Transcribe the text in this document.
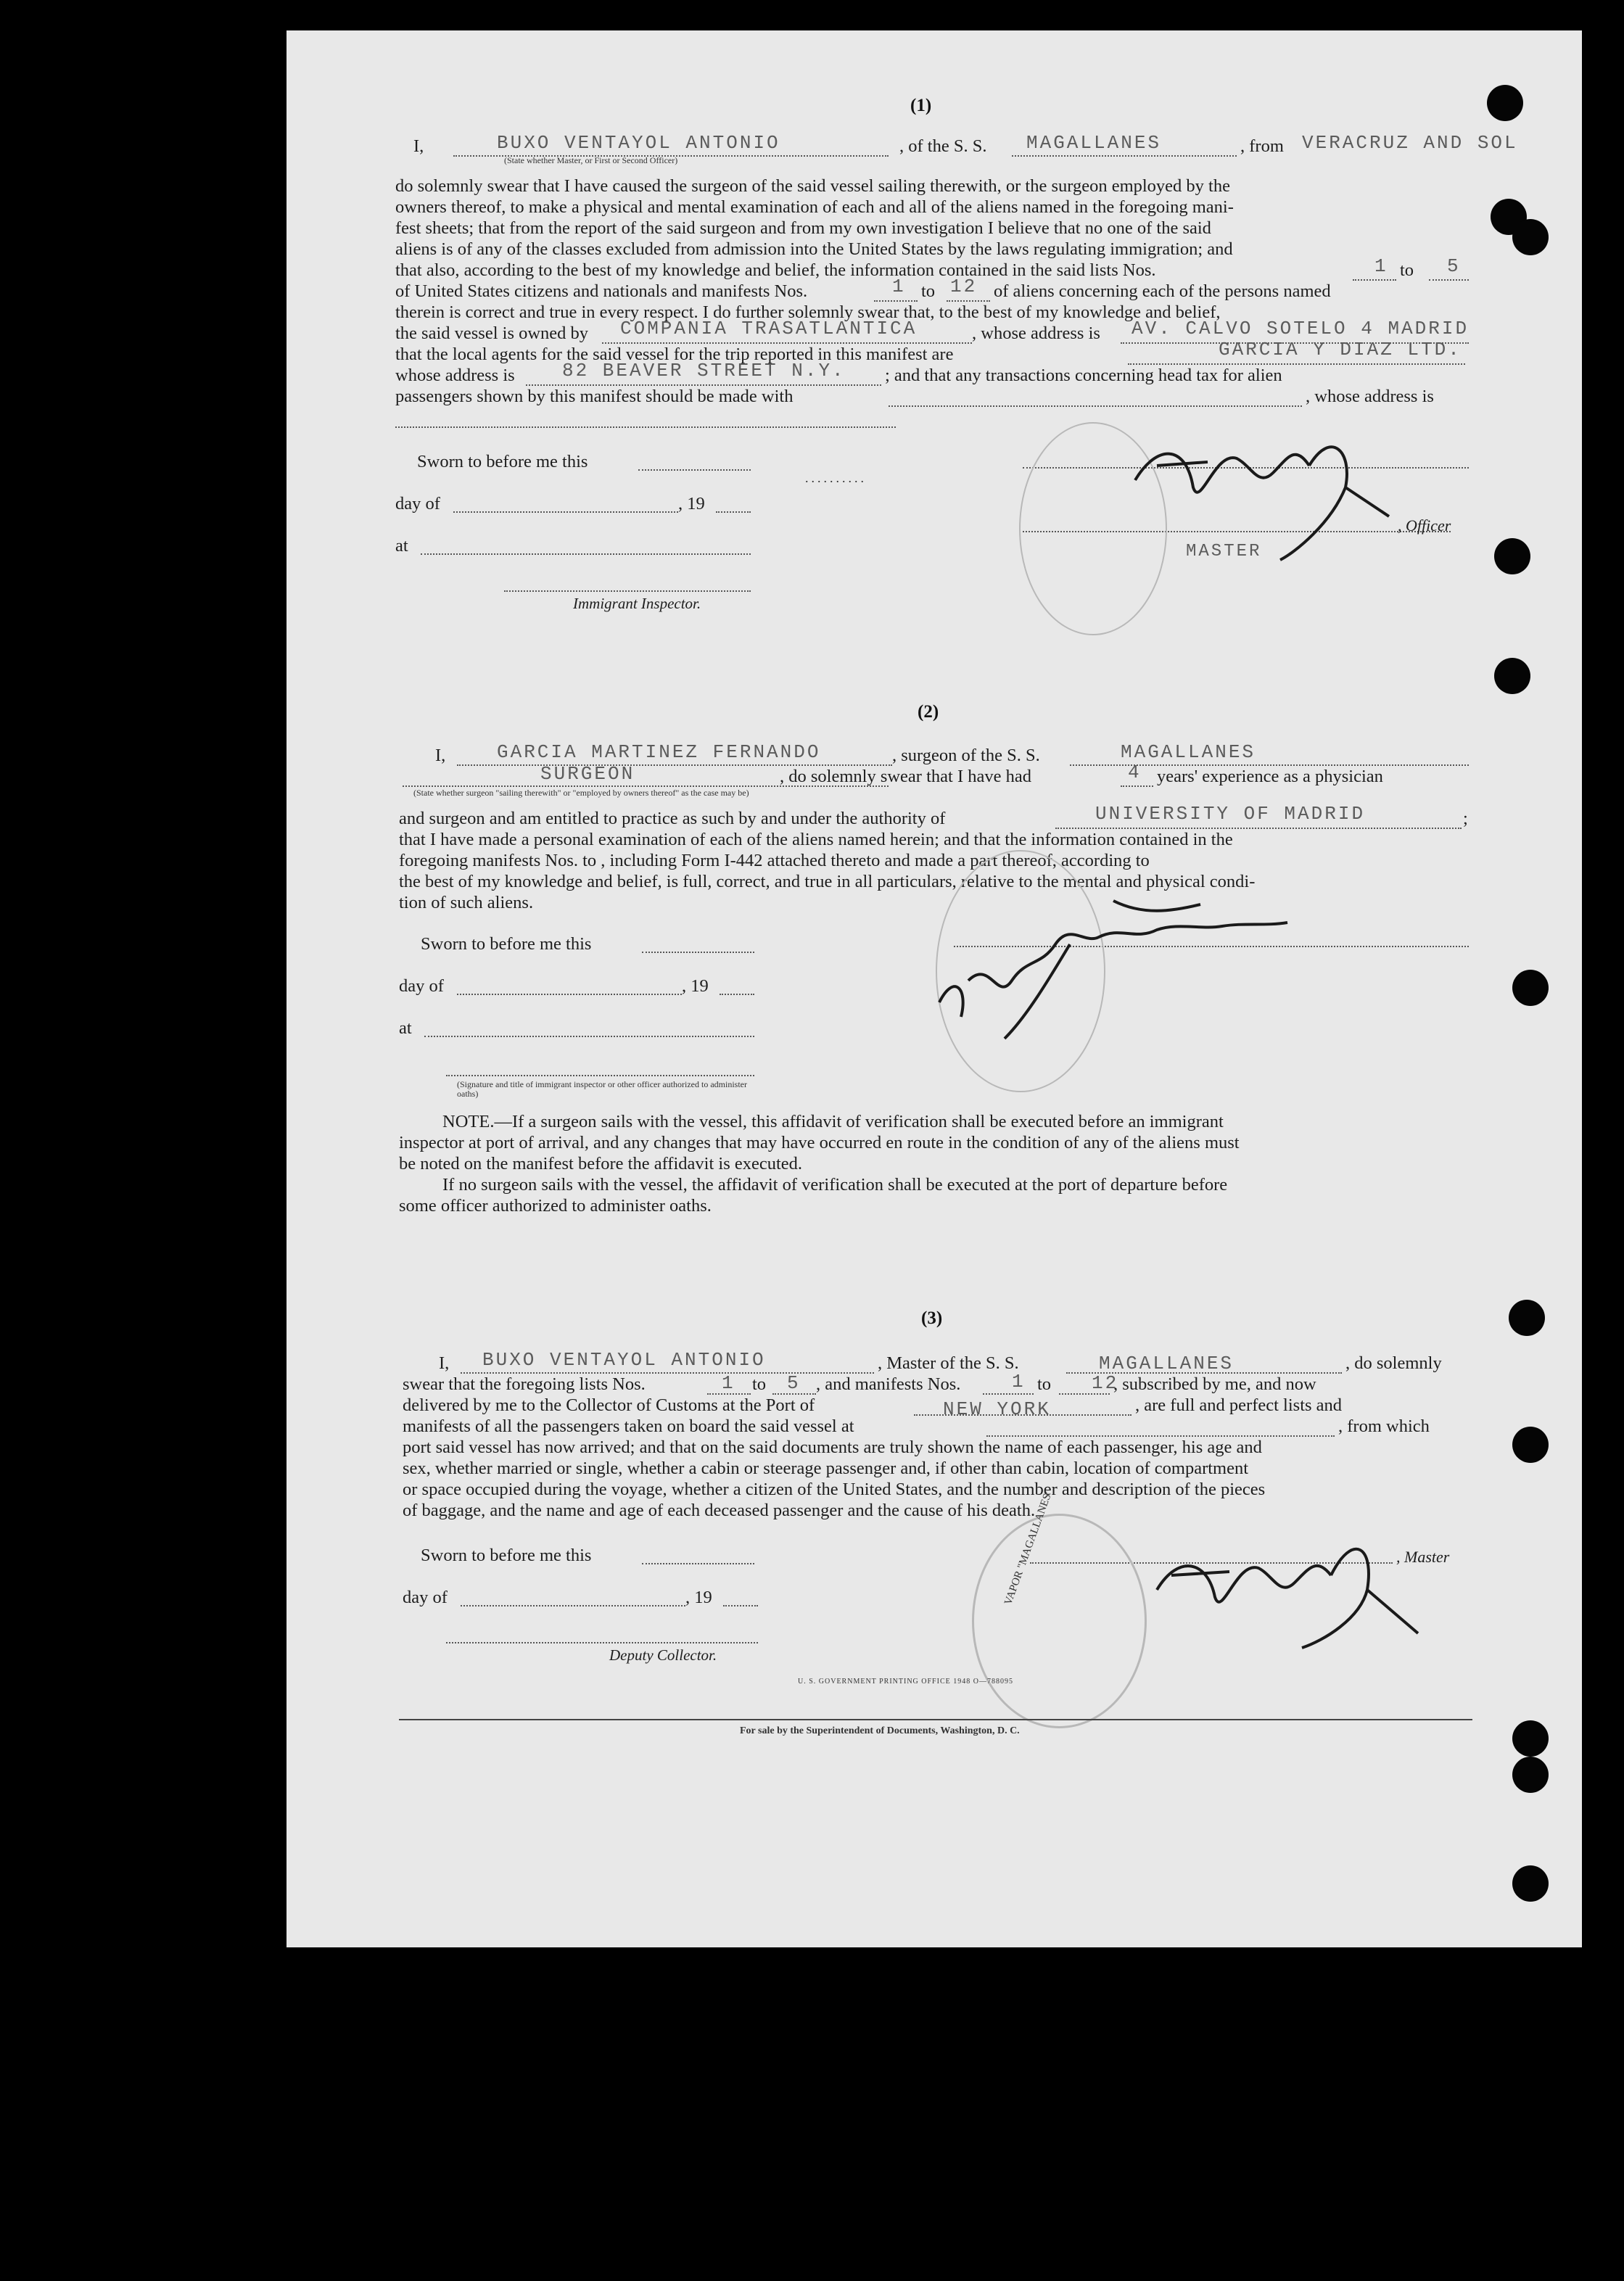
(1)
I,	BUXO VENTAYOL ANTONIO	, of the S. S. MAGALLANES	, from VERACRUZ AND SOL
(State whether Master, or First or Second Officer)
do solemnly swear that I have caused the surgeon of the said vessel sailing therewith, or the surgeon employed by the
owners thereof, to make a physical and mental examination of each and all of the aliens named in the foregoing mani-
fest sheets; that from the report of the said surgeon and from my own investigation I believe that no one of the said
aliens is of any of the classes excluded from admission into the United States by the laws regulating immigration; and
that also, according to the best of my knowledge and belief, the information contained in the said lists Nos.	1 to 5
of United States citizens and nationals and manifests Nos.	1 to 12 of aliens concerning each of the persons named
therein is correct and true in every respect. I do further solemnly swear that, to the best of my knowledge and belief,
the said vessel is owned by COMPANIA TRASATLANTICA	, whose address is AV. CALVO SOTELO 4 MADRID
that the local agents for the said vessel for the trip reported in this manifest are	GARCIA Y DIAZ LTD.
whose address is	82 BEAVER STREET N.Y. ; and that any transactions concerning head tax for alien
passengers shown by this manifest should be made with	, whose address is
Sworn to before me this
day of	, 19
at
Immigrant Inspector.
, Officer
MASTER
..........
(2)
I,	GARCIA MARTINEZ FERNANDO	, surgeon of the S. S.	MAGALLANES
SURGEON	, do solemnly swear that I have had	4 years' experience as a physician
(State whether surgeon "sailing therewith" or "employed by owners thereof" as the case may be)
and surgeon and am entitled to practice as such by and under the authority of	UNIVERSITY OF MADRID	;
that I have made a personal examination of each of the aliens named herein; and that the information contained in the
foregoing manifests Nos. to , including Form I-442 attached thereto and made a part thereof, according to
the best of my knowledge and belief, is full, correct, and true in all particulars, relative to the mental and physical condi-
tion of such aliens.
Sworn to before me this
day of	, 19
at
(Signature and title of immigrant inspector or other officer authorized to administer oaths)
NOTE.—If a surgeon sails with the vessel, this affidavit of verification shall be executed before an immigrant
inspector at port of arrival, and any changes that may have occurred en route in the condition of any of the aliens must
be noted on the manifest before the affidavit is executed.
If no surgeon sails with the vessel, the affidavit of verification shall be executed at the port of departure before
some officer authorized to administer oaths.
(3)
I, BUXO VENTAYOL ANTONIO	, Master of the S. S.	MAGALLANES	, do solemnly
swear that the foregoing lists Nos.	1 to 5 , and manifests Nos.	1 to 12
, subscribed by me, and now
delivered by me to the Collector of Customs at the Port of	NEW YORK	, are full and perfect lists and
manifests of all the passengers taken on board the said vessel at	, from which
port said vessel has now arrived; and that on the said documents are truly shown the name of each passenger, his age and
sex, whether married or single, whether a cabin or steerage passenger and, if other than cabin, location of compartment
or space occupied during the voyage, whether a citizen of the United States, and the number and description of the pieces
of baggage, and the name and age of each deceased passenger and the cause of his death.
Sworn to before me this	, Master
day of	, 19
Deputy Collector.
VAPOR "MAGALLANES"
U. S. GOVERNMENT PRINTING OFFICE 1948 O—788095
For sale by the Superintendent of Documents, Washington, D. C.
